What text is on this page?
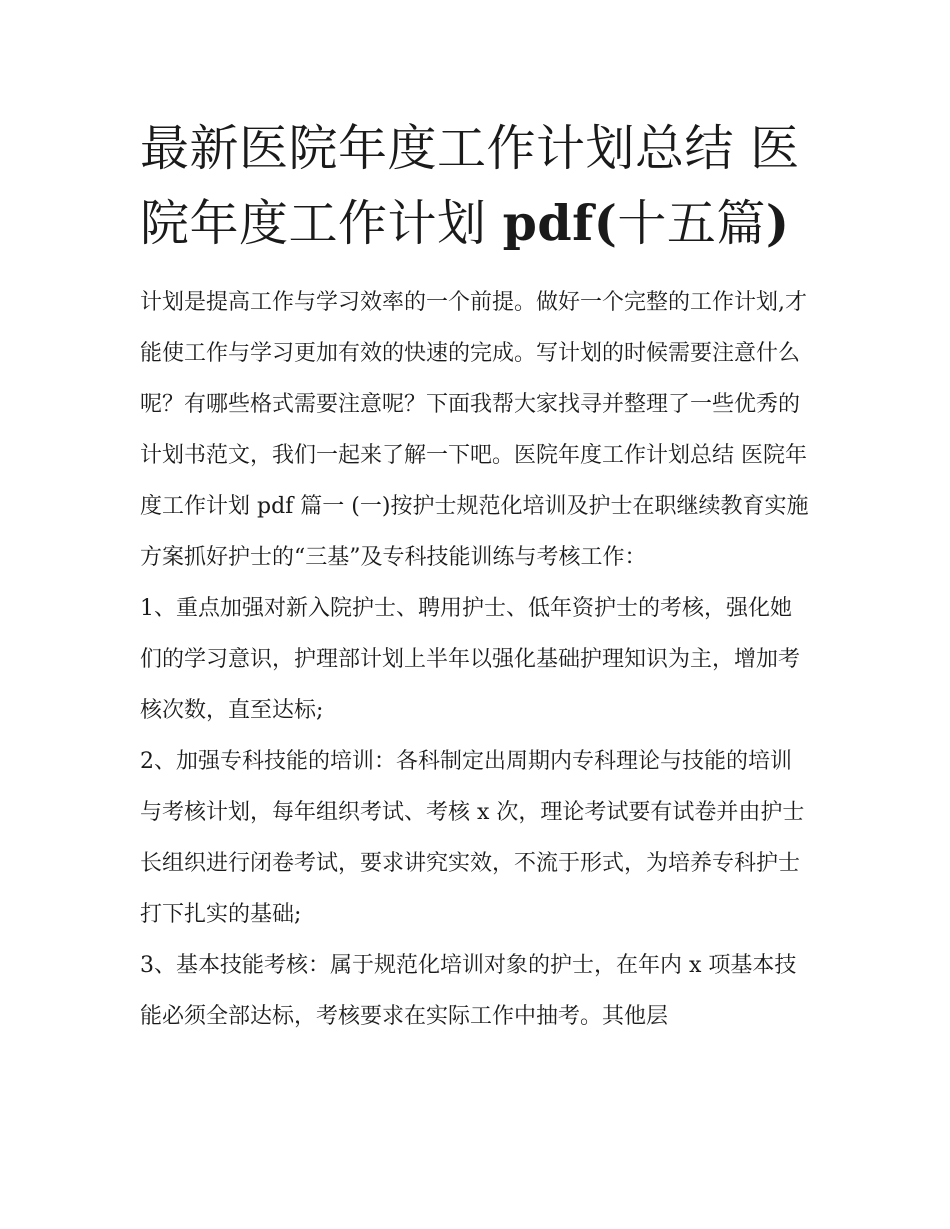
最新医院年度工作计划总结 医院年度工作计划 pdf(十五篇)

计划是提高工作与学习效率的一个前提。做好一个完整的工作计划,才能使工作与学习更加有效的快速的完成。写计划的时候需要注意什么呢？有哪些格式需要注意呢？下面我帮大家找寻并整理了一些优秀的计划书范文，我们一起来了解一下吧。医院年度工作计划总结 医院年度工作计划 pdf 篇一 (一)按护士规范化培训及护士在职继续教育实施方案抓好护士的“三基”及专科技能训练与考核工作：

1、重点加强对新入院护士、聘用护士、低年资护士的考核，强化她们的学习意识，护理部计划上半年以强化基础护理知识为主，增加考核次数，直至达标;

2、加强专科技能的培训：各科制定出周期内专科理论与技能的培训与考核计划，每年组织考试、考核 x 次，理论考试要有试卷并由护士长组织进行闭卷考试，要求讲究实效，不流于形式，为培养专科护士打下扎实的基础;

3、基本技能考核：属于规范化培训对象的护士，在年内 x 项基本技能必须全部达标，考核要求在实际工作中抽考。其他层
